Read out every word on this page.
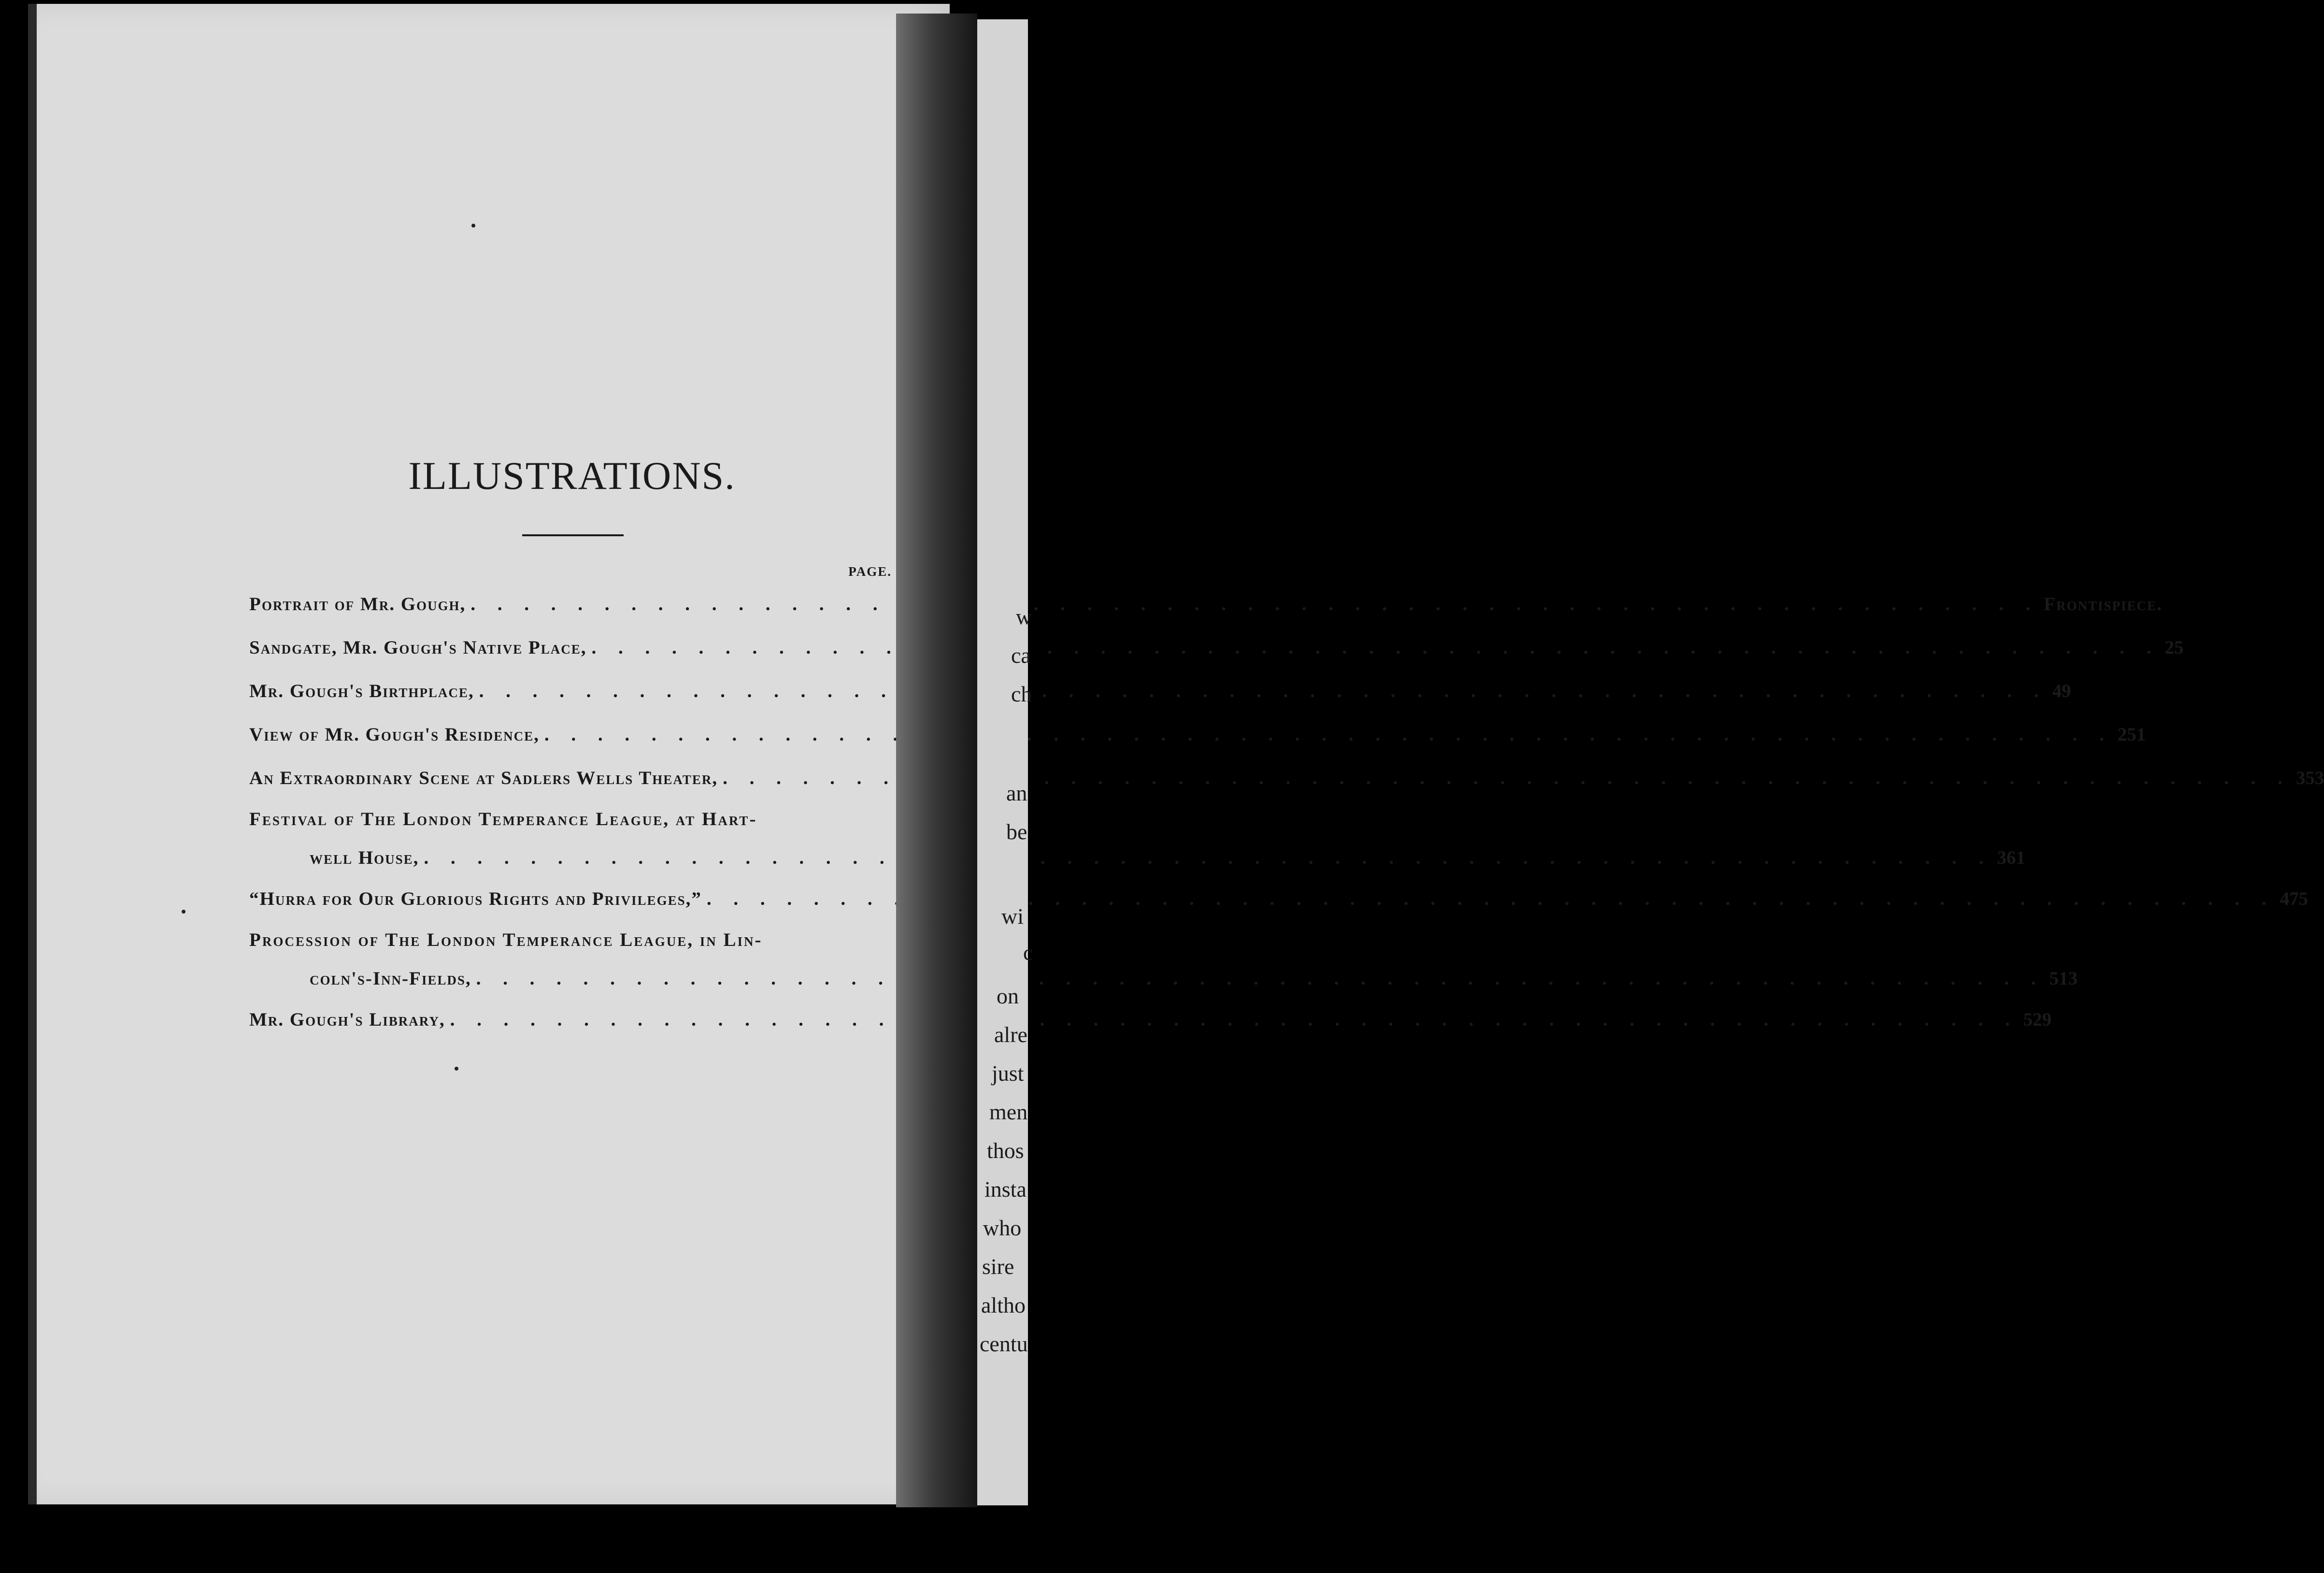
ILLUSTRATIONS.
PAGE.
Portrait of Mr. Gough, . . .	Frontispiece.
Sandgate, Mr. Gough's Native Place, . . .	25
Mr. Gough's Birthplace, . . .	49
View of Mr. Gough's Residence, . . .	251
An Extraordinary Scene at Sadlers Wells Theater, . . .	353
Festival of The London Temperance League, at Hart-
well House, . . .	361
“Hurra for Our Glorious Rights and Privileges,” . . .	475
Procession of The London Temperance League, in Lin-
coln's-Inn-Fields, . . .	513
Mr. Gough's Library, . . .	529
w
ca
ch
an
be
wi
c
on
alre
just
men
thos
insta
who
sire
altho
centu
